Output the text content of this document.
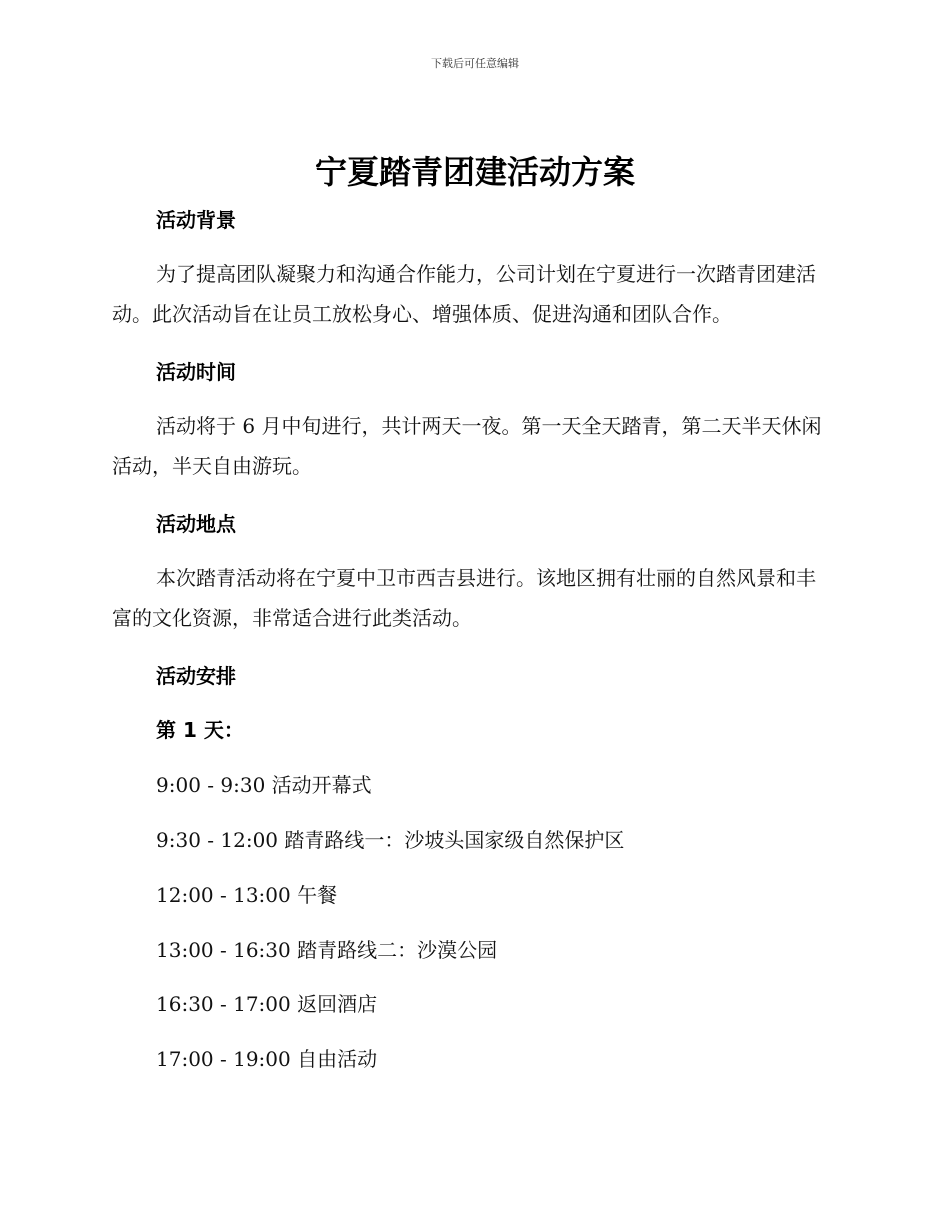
下载后可任意编辑
宁夏踏青团建活动方案
活动背景
为了提高团队凝聚力和沟通合作能力，公司计划在宁夏进行一次踏青团建活动。此次活动旨在让员工放松身心、增强体质、促进沟通和团队合作。
活动时间
活动将于 6 月中旬进行，共计两天一夜。第一天全天踏青，第二天半天休闲活动，半天自由游玩。
活动地点
本次踏青活动将在宁夏中卫市西吉县进行。该地区拥有壮丽的自然风景和丰富的文化资源，非常适合进行此类活动。
活动安排
第 1 天：
9:00 - 9:30 活动开幕式
9:30 - 12:00 踏青路线一：沙坡头国家级自然保护区
12:00 - 13:00 午餐
13:00 - 16:30 踏青路线二：沙漠公园
16:30 - 17:00 返回酒店
17:00 - 19:00 自由活动
